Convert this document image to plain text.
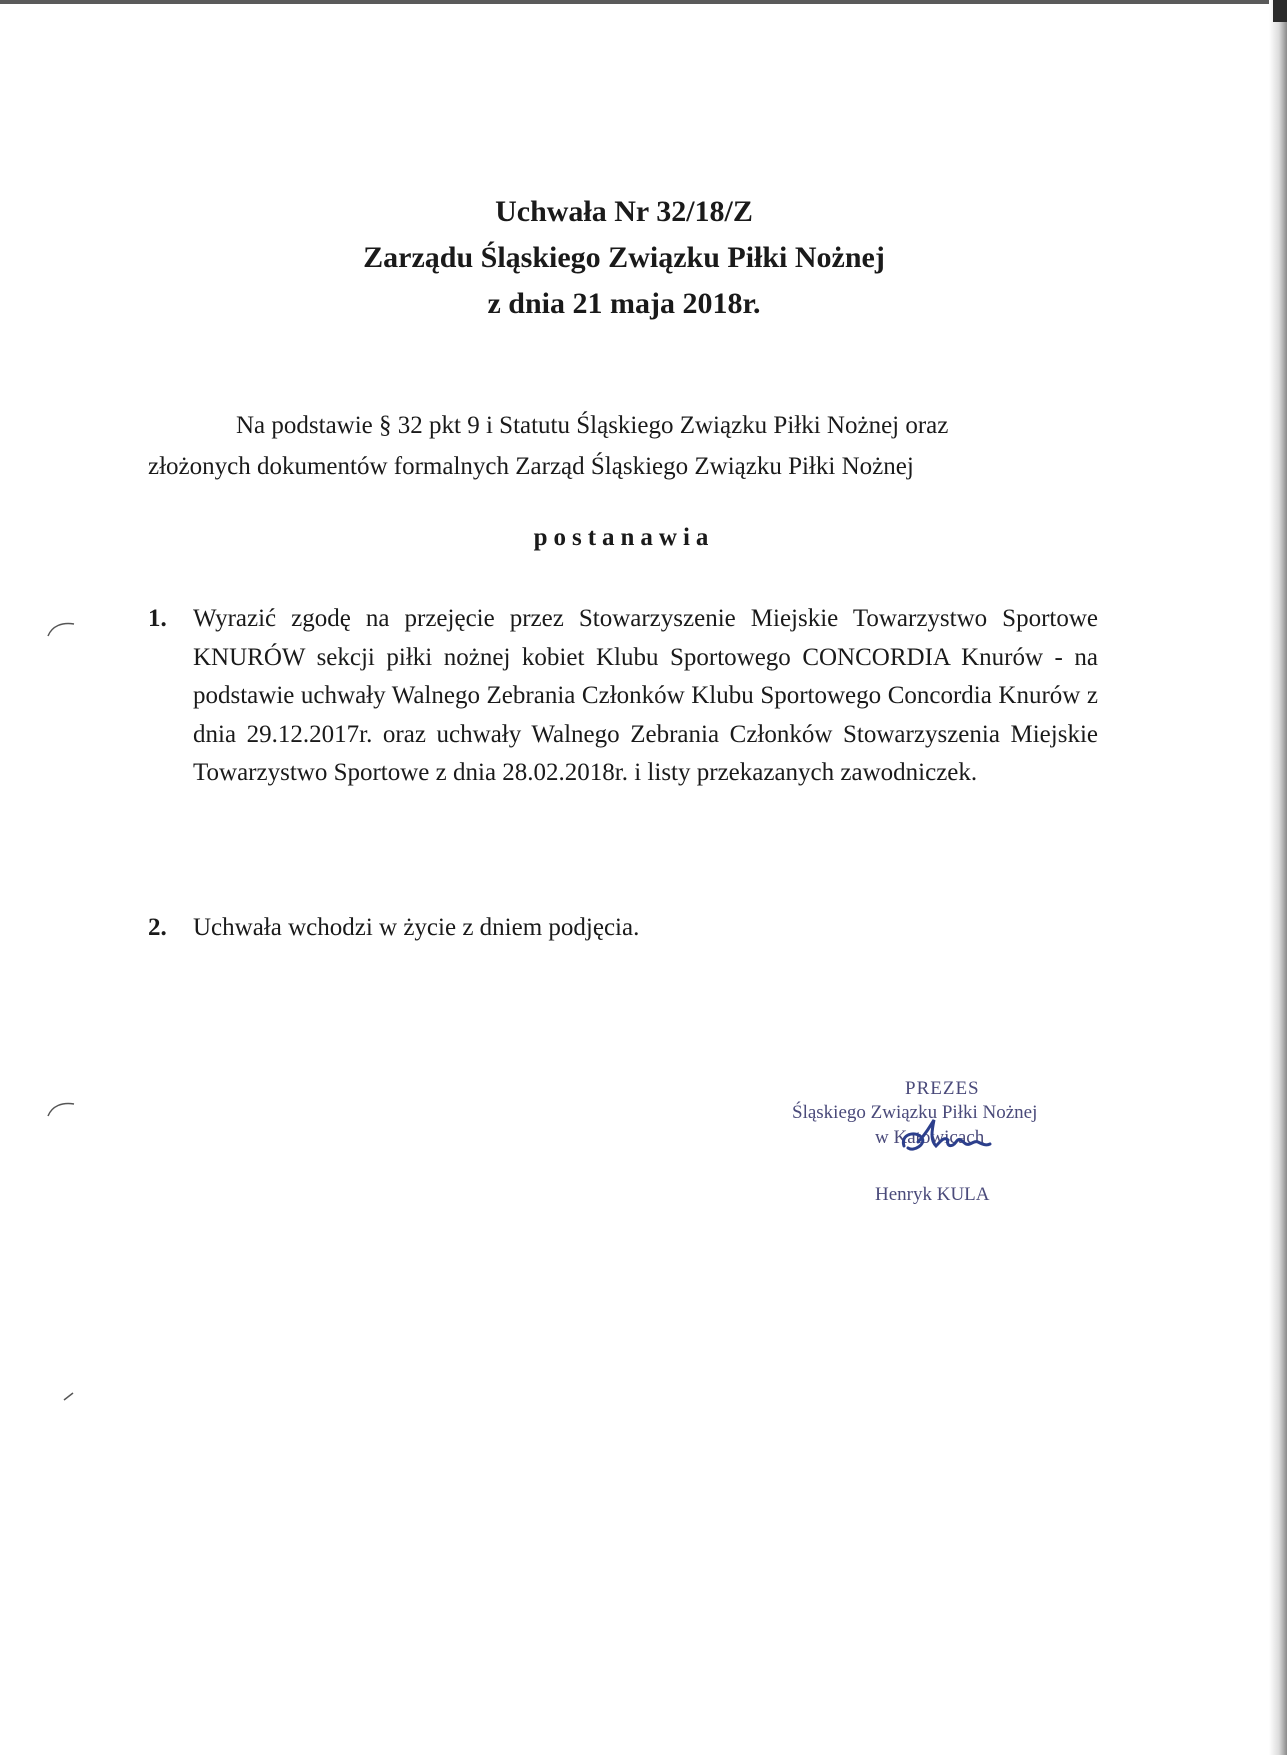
Uchwała Nr 32/18/Z
Zarządu Śląskiego Związku Piłki Nożnej
z dnia 21 maja 2018r.

Na podstawie § 32 pkt 9 i Statutu Śląskiego Związku Piłki Nożnej oraz

złożonych dokumentów formalnych Zarząd Śląskiego Związku Piłki Nożnej

postanawia

1. Wyrazić zgodę na przejęcie przez Stowarzyszenie Miejskie Towarzystwo Sportowe KNURÓW sekcji piłki nożnej kobiet Klubu Sportowego CONCORDIA Knurów - na podstawie uchwały Walnego Zebrania Członków Klubu Sportowego Concordia Knurów z dnia 29.12.2017r. oraz uchwały Walnego Zebrania Członków Stowarzyszenia Miejskie Towarzystwo Sportowe z dnia 28.02.2018r. i listy przekazanych zawodniczek.

2. Uchwała wchodzi w życie z dniem podjęcia.

PREZES
Śląskiego Związku Piłki Nożnej
w Katowicach
Henryk KULA
